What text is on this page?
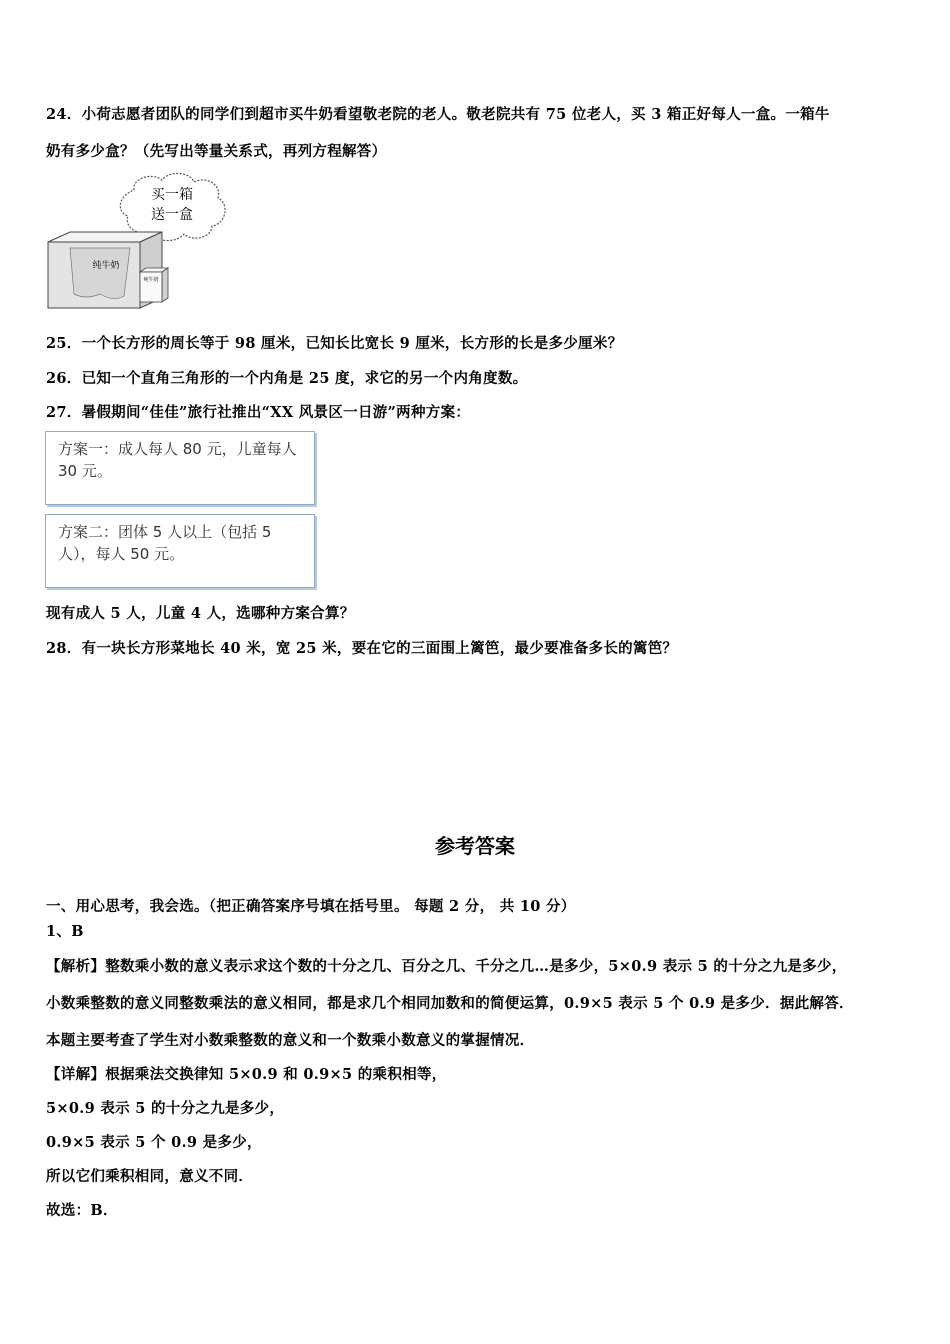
24．小荷志愿者团队的同学们到超市买牛奶看望敬老院的老人。敬老院共有 75 位老人，买 3 箱正好每人一盒。一箱牛
奶有多少盒？（先写出等量关系式，再列方程解答）
买一箱
送一盒
纯牛奶
纯牛奶
25．一个长方形的周长等于 98 厘米，已知长比宽长 9 厘米，长方形的长是多少厘米？
26．已知一个直角三角形的一个内角是 25 度，求它的另一个内角度数。
27．暑假期间“佳佳”旅行社推出“XX 风景区一日游”两种方案：
方案一：成人每人 80 元，儿童每人 30 元。
方案二：团体 5 人以上（包括 5 人），每人 50 元。
现有成人 5 人，儿童 4 人，选哪种方案合算？
28．有一块长方形菜地长 40 米，宽 25 米，要在它的三面围上篱笆，最少要准备多长的篱笆？
参考答案
一、用心思考，我会选。（把正确答案序号填在括号里。 每题 2 分， 共 10 分）
1、B
【解析】整数乘小数的意义表示求这个数的十分之几、百分之几、千分之几…是多少，5×0.9 表示 5 的十分之九是多少，
小数乘整数的意义同整数乘法的意义相同，都是求几个相同加数和的简便运算，0.9×5 表示 5 个 0.9 是多少．据此解答．
本题主要考查了学生对小数乘整数的意义和一个数乘小数意义的掌握情况．
【详解】根据乘法交换律知 5×0.9 和 0.9×5 的乘积相等，
5×0.9 表示 5 的十分之九是多少，
0.9×5 表示 5 个 0.9 是多少，
所以它们乘积相同，意义不同．
故选：B．
